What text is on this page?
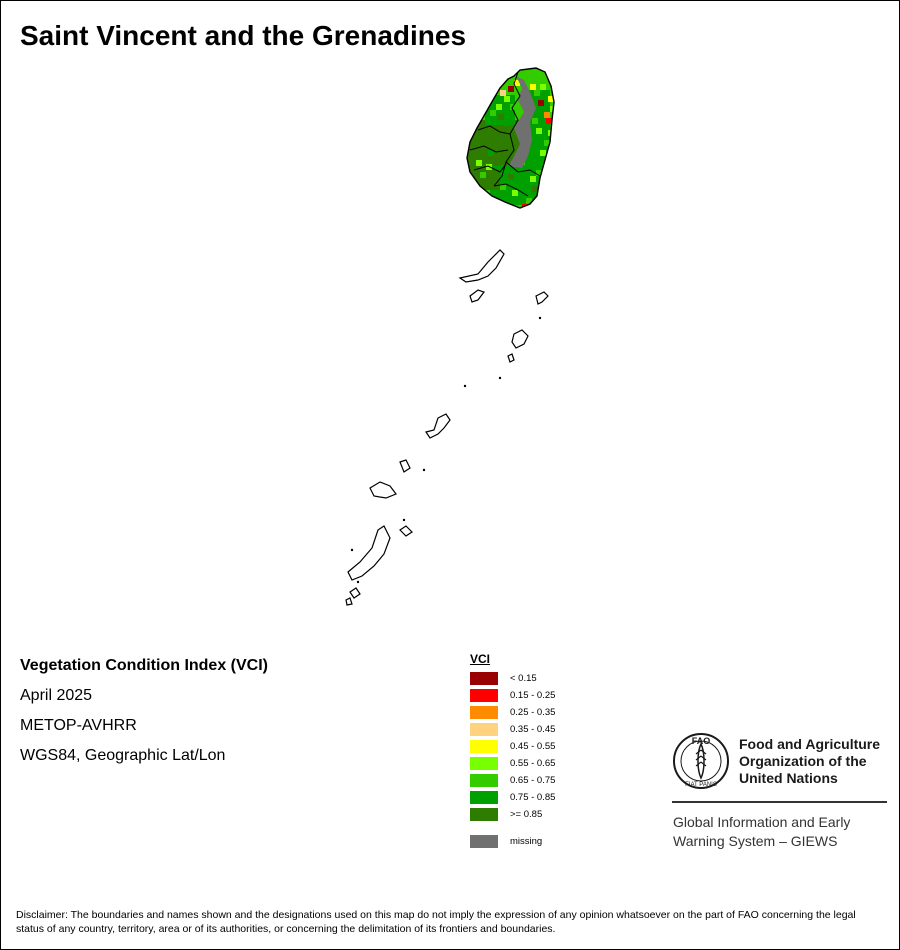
Saint Vincent and the Grenadines
Vegetation Condition Index (VCI)
April 2025
METOP-AVHRR
WGS84, Geographic Lat/Lon
VCI
< 0.15
0.15 - 0.25
0.25 - 0.35
0.35 - 0.45
0.45 - 0.55
0.55 - 0.65
0.65 - 0.75
0.75 - 0.85
>= 0.85
missing
FAO
FIAT PANIS
Food and Agriculture
Organization of the
United Nations
Global Information and Early
Warning System – GIEWS
Disclaimer: The boundaries and names shown and the designations used on this map do not imply the expression of any opinion whatsoever on the part of FAO concerning the legal status of any country, territory, area or of its authorities, or concerning the delimitation of its frontiers and boundaries.
